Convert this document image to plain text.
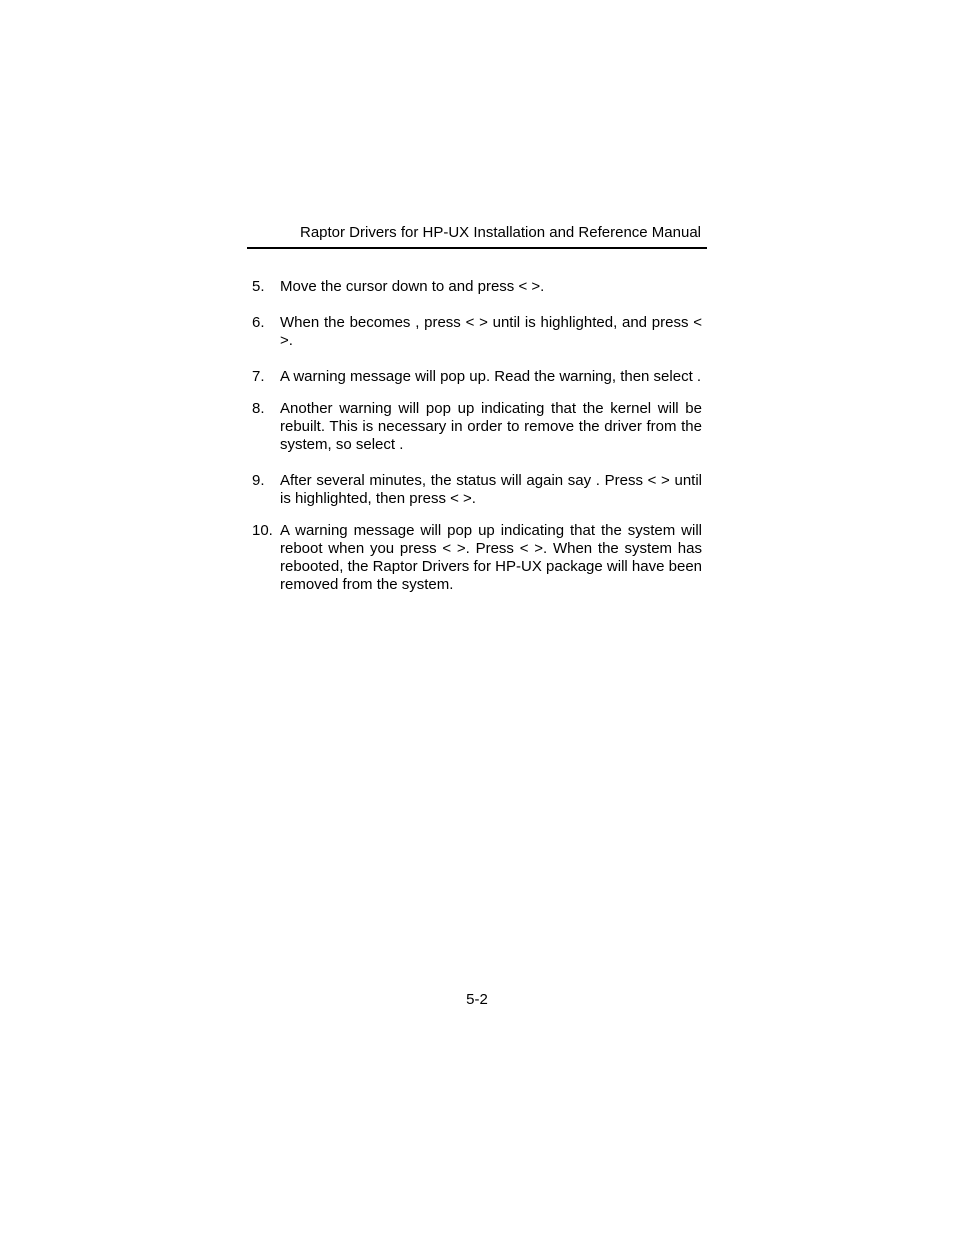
Raptor Drivers for HP-UX Installation and Reference Manual
5. Move the cursor down to and press < >.
6. When the becomes , press < > until is highlighted, and press < >.
7. A warning message will pop up. Read the warning, then select .
8. Another warning will pop up indicating that the kernel will be rebuilt. This is necessary in order to remove the driver from the system, so select .
9. After several minutes, the status will again say . Press < > until is highlighted, then press < >.
10. A warning message will pop up indicating that the system will reboot when you press < >. Press < >. When the system has rebooted, the Raptor Drivers for HP-UX package will have been removed from the system.
5-2
